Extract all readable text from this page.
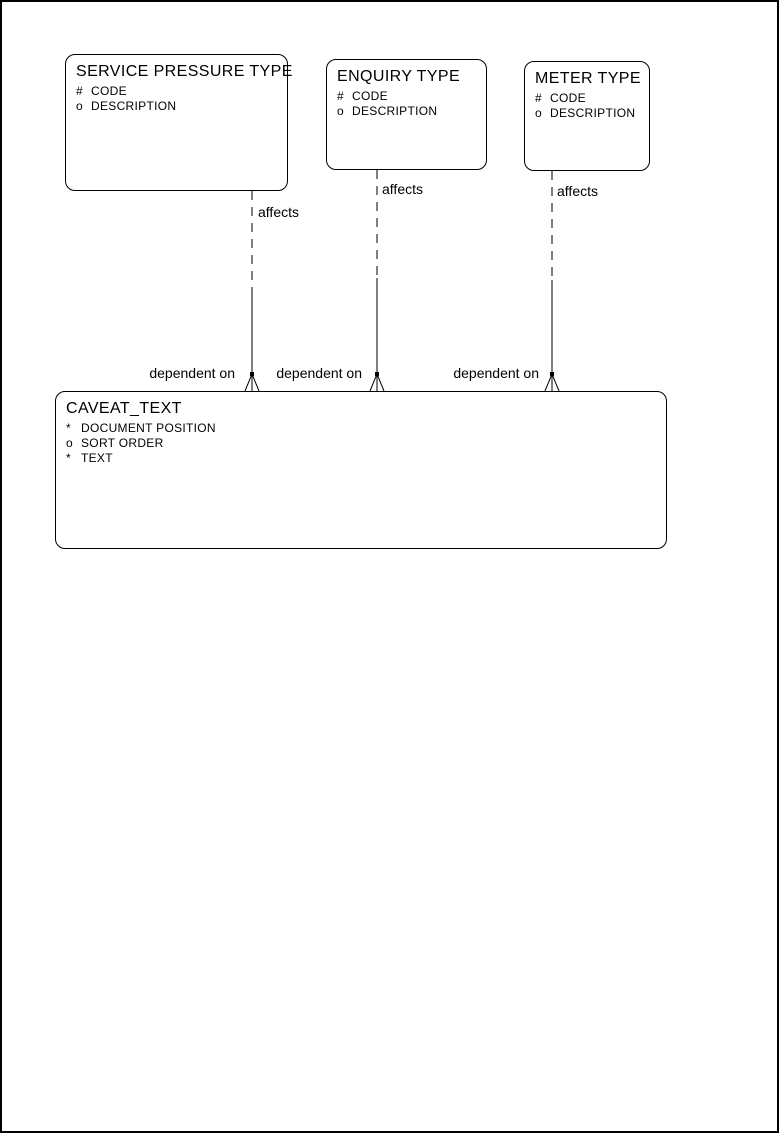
SERVICE PRESSURE TYPE
# CODE
o DESCRIPTION
ENQUIRY TYPE
# CODE
o DESCRIPTION
METER TYPE
# CODE
o DESCRIPTION
CAVEAT_TEXT
* DOCUMENT POSITION
o SORT ORDER
* TEXT
affects
affects	affects
dependent on	dependent on	dependent on
